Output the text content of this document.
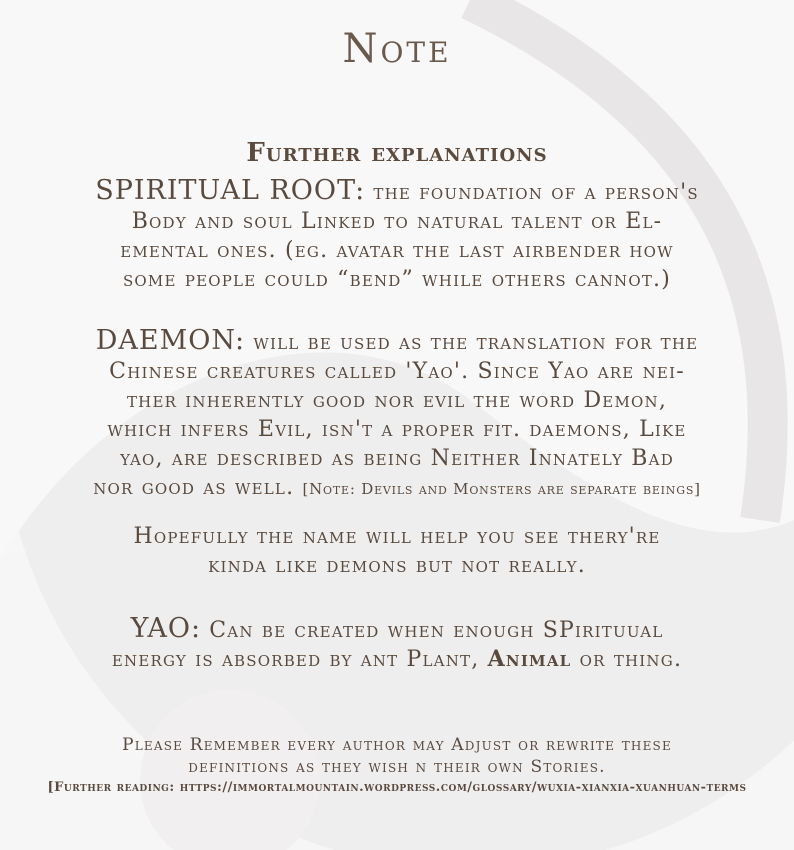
Note
Further explanations
SPIRITUAL ROOT: the foundation of a person's
Body and soul Linked to natural talent or El-
emental ones. (eg. avatar the last airbender how
some people could “bend” while others cannot.)
DAEMON: will be used as the translation for the
Chinese creatures called 'Yao'. Since Yao are nei-
ther inherently good nor evil the word Demon,
which infers Evil, isn't a proper fit. daemons, Like
yao, are described as being Neither Innately Bad
nor good as well. [Note: Devils and Monsters are separate beings]
Hopefully the name will help you see thery're
kinda like demons but not really.
YAO: Can be created when enough SPirituual
energy is absorbed by ant Plant, Animal or thing.
Please Remember every author may Adjust or rewrite these
definitions as they wish n their own Stories.
[Further reading: https://immortalmountain.wordpress.com/glossary/wuxia-xianxia-xuanhuan-terms
